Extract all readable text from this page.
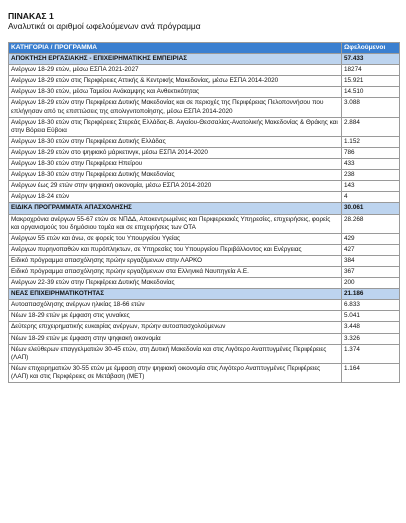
ΠΙΝΑΚΑΣ 1
Αναλυτικά οι αριθμοί ωφελούμενων ανά πρόγραμμα
ΚΑΤΗΓΟΡΙΑ / ΠΡΟΓΡΑΜΜΑ	Ωφελούμενοι
ΑΠΟΚΤΗΣΗ ΕΡΓΑΣΙΑΚΗΣ - ΕΠΙΧΕΙΡΗΜΑΤΙΚΗΣ ΕΜΠΕΙΡΙΑΣ	57.433
Ανέργων 18-29 ετών, μέσω ΕΣΠΑ 2021-2027	18274
Ανέργων 18-29 ετών στις Περιφέρειες Αττικής & Κεντρικής Μακεδονίας, μέσω ΕΣΠΑ 2014-2020	15.921
Ανέργων 18-30 ετών, μέσω Ταμείου Ανάκαμψης και Ανθεκτικότητας	14.510
Ανέργων 18-29 ετών στην Περιφέρεια Δυτικής Μακεδονίας και σε περιοχές της Περιφέρειας Πελοποννήσου που επλήγησαν από τις επιπτώσεις της απολιγνιτοποίησης, μέσω ΕΣΠΑ 2014-2020	3.088
Ανέργων 18-30 ετών στις Περιφέρειες Στερεάς Ελλάδας-Β. Αιγαίου-Θεσσαλίας-Ανατολικής Μακεδονίας & Θράκης και στην Βόρεια Εύβοια	2.884
Ανέργων 18-30 ετών στην Περιφέρεια Δυτικής Ελλάδας	1.152
Ανέργων 18-29 ετών στο ψηφιακό μάρκετινγκ, μέσω ΕΣΠΑ 2014-2020	786
Ανέργων 18-30 ετών στην Περιφέρεια Ηπείρου	433
Ανέργων 18-30 ετών στην Περιφέρεια Δυτικής Μακεδονίας	238
Ανέργων έως 29 ετών στην ψηφιακή οικονομία, μέσω ΕΣΠΑ 2014-2020	143
Ανέργων 18-24 ετών	4
ΕΙΔΙΚΑ ΠΡΟΓΡΑΜΜΑΤΑ ΑΠΑΣΧΟΛΗΣΗΣ	30.061
Μακροχρόνια ανέργων 55-67 ετών σε ΝΠΔΔ, Αποκεντρωμένες και Περιφερειακές Υπηρεσίες, επιχειρήσεις, φορείς και οργανισμούς του δημόσιου τομέα και σε επιχειρήσεις των ΟΤΑ	28.268
Ανέργων 55 ετών και άνω, σε φορείς του Υπουργείου Υγείας	429
Ανέργων πυρηνοπαθών και πυρόπληκτων, σε Υπηρεσίες του Υπουργείου Περιβάλλοντος και Ενέργειας	427
Ειδικό πρόγραμμα απασχόλησης πρώην εργαζόμενων στην ΛΑΡΚΟ	384
Ειδικό πρόγραμμα απασχόλησης πρώην εργαζόμενων στα Ελληνικά Ναυπηγεία Α.Ε.	367
Ανέργων 22-39 ετών στην Περιφέρεια Δυτικής Μακεδονίας	200
ΝΕΑΣ ΕΠΙΧΕΙΡΗΜΑΤΙΚΟΤΗΤΑΣ	21.186
Αυτοαπασχόλησης ανέργων ηλικίας 18-66 ετών	6.833
Νέων 18-29 ετών με έμφαση στις γυναίκες	5.041
Δεύτερης επιχειρηματικής ευκαιρίας ανέργων, πρώην αυτοαπασχολούμενων	3.448
Νέων 18-29 ετών με έμφαση στην ψηφιακή οικονομία	3.326
Νέων ελεύθερων επαγγελματιών 30-45 ετών, στη Δυτική Μακεδονία και στις Λιγότερο Αναπτυγμένες Περιφέρειες (ΛΑΠ)	1.374
Νέων επιχειρηματιών 30-55 ετών με έμφαση στην ψηφιακή οικονομία στις Λιγότερο Αναπτυγμένες Περιφέρειες (ΛΑΠ) και στις Περιφέρειες σε Μετάβαση (ΜΕΤ)	1.164
